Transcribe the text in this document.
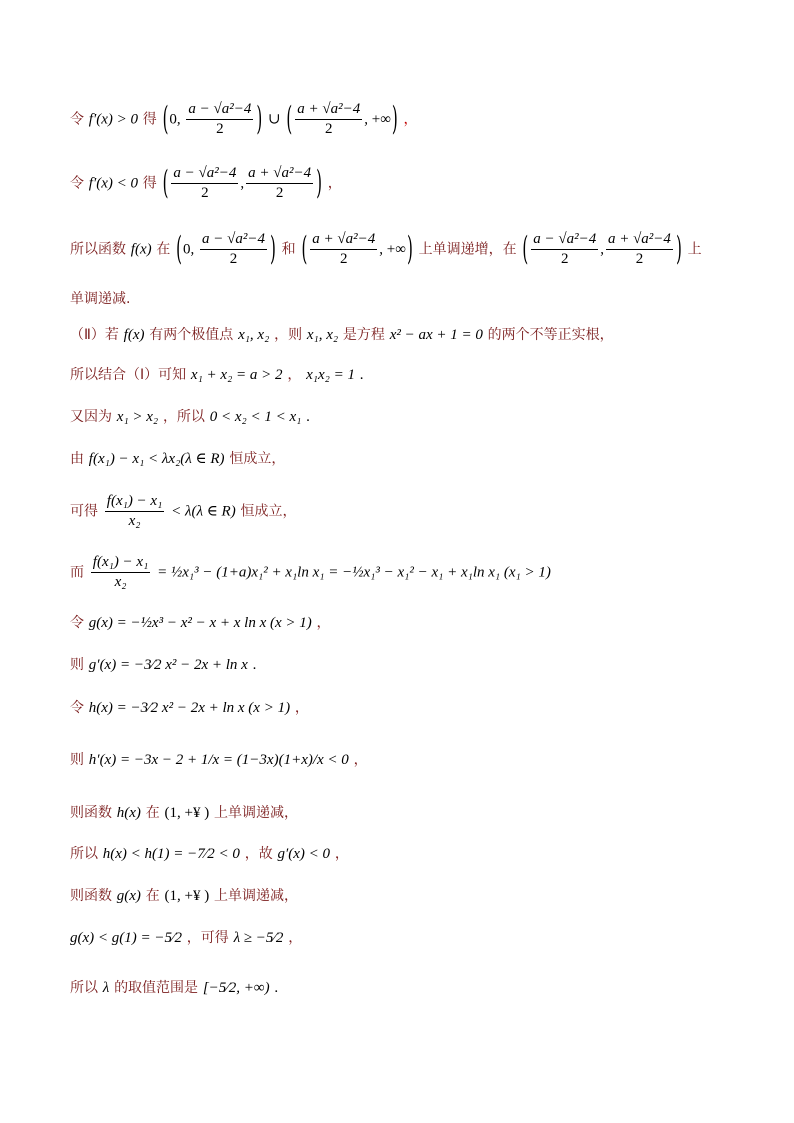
令 f′(x) > 0 得 (0, $\frac{\text{a − √a²−4}}{2}$ ) ∪ ( $\frac{\text{a + √a²−4}}{2}$ , +∞) ，
令 f′(x) < 0 得 ( $\frac{\text{a − √a²−4}}{2}$ , $\frac{\text{a + √a²−4}}{2}$ ) ，
所以函数 f(x) 在 (0, $\frac{\text{a − √a²−4}}{2}$ ) 和 ( $\frac{\text{a + √a²−4}}{2}$ , +∞) 上单调递增，在 ( $\frac{\text{a − √a²−4}}{2}$ , $\frac{\text{a + √a²−4}}{2}$ ) 上
单调递减.
（Ⅱ）若 f(x) 有两个极值点 x₁, x₂ ，则 x₁, x₂ 是方程 x² − ax + 1 = 0 的两个不等正实根，
所以结合（Ⅰ）可知 x₁ + x₂ = a > 2 ， x₁x₂ = 1 .
又因为 x₁ > x₂ ，所以 0 < x₂ < 1 < x₁ .
由 f(x₁) − x₁ < λx₂(λ ∈ R) 恒成立，
可得 $\frac{\text{f(x₁) − x₁}}{\text{x₂}} < \lambda(\lambda$ ∈ R) 恒成立，
而 $\frac{\text{f(x₁) − x₁}}{\text{x₂}}$ = ½x₁³ − (1+a)x₁² + x₁ln x₁ = −½x₁³ − x₁² − x₁ + x₁ln x₁ (x₁ > 1)
令 g(x) = −½x³ − x² − x + x ln x (x > 1) ，
则 g′(x) = −3⁄2 x² − 2x + ln x .
令 h(x) = −3⁄2 x² − 2x + ln x (x > 1) ，
则 h′(x) = −3x − 2 + 1/x = (1−3x)(1+x)/x < 0 ，
则函数 h(x) 在 (1, +¥ ) 上单调递减，
所以 h(x) < h(1) = −7⁄2 < 0 ，故 g′(x) < 0 ，
则函数 g(x) 在 (1, +¥ ) 上单调递减，
g(x) < g(1) = −5⁄2 ，可得 λ ≥ −5⁄2 ，
所以 λ 的取值范围是 [−5⁄2, +∞) .
